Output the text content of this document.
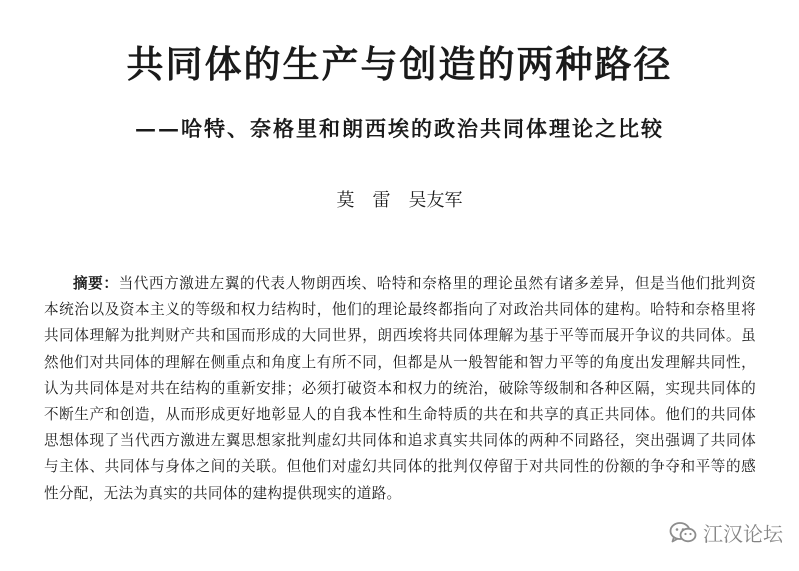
共同体的生产与创造的两种路径
——哈特、奈格里和朗西埃的政治共同体理论之比较

莫　雷 吴友军

摘要：当代西方激进左翼的代表人物朗西埃、哈特和奈格里的理论虽然有诸多差异，但是当他们批判资本统治以及资本主义的等级和权力结构时，他们的理论最终都指向了对政治共同体的建构。哈特和奈格里将共同体理解为批判财产共和国而形成的大同世界，朗西埃将共同体理解为基于平等而展开争议的共同体。虽然他们对共同体的理解在侧重点和角度上有所不同，但都是从一般智能和智力平等的角度出发理解共同性，认为共同体是对共在结构的重新安排；必须打破资本和权力的统治，破除等级制和各种区隔，实现共同体的不断生产和创造，从而形成更好地彰显人的自我本性和生命特质的共在和共享的真正共同体。他们的共同体思想体现了当代西方激进左翼思想家批判虚幻共同体和追求真实共同体的两种不同路径，突出强调了共同体与主体、共同体与身体之间的关联。但他们对虚幻共同体的批判仅停留于对共同性的份额的争夺和平等的感性分配，无法为真实的共同体的建构提供现实的道路。

江汉论坛
